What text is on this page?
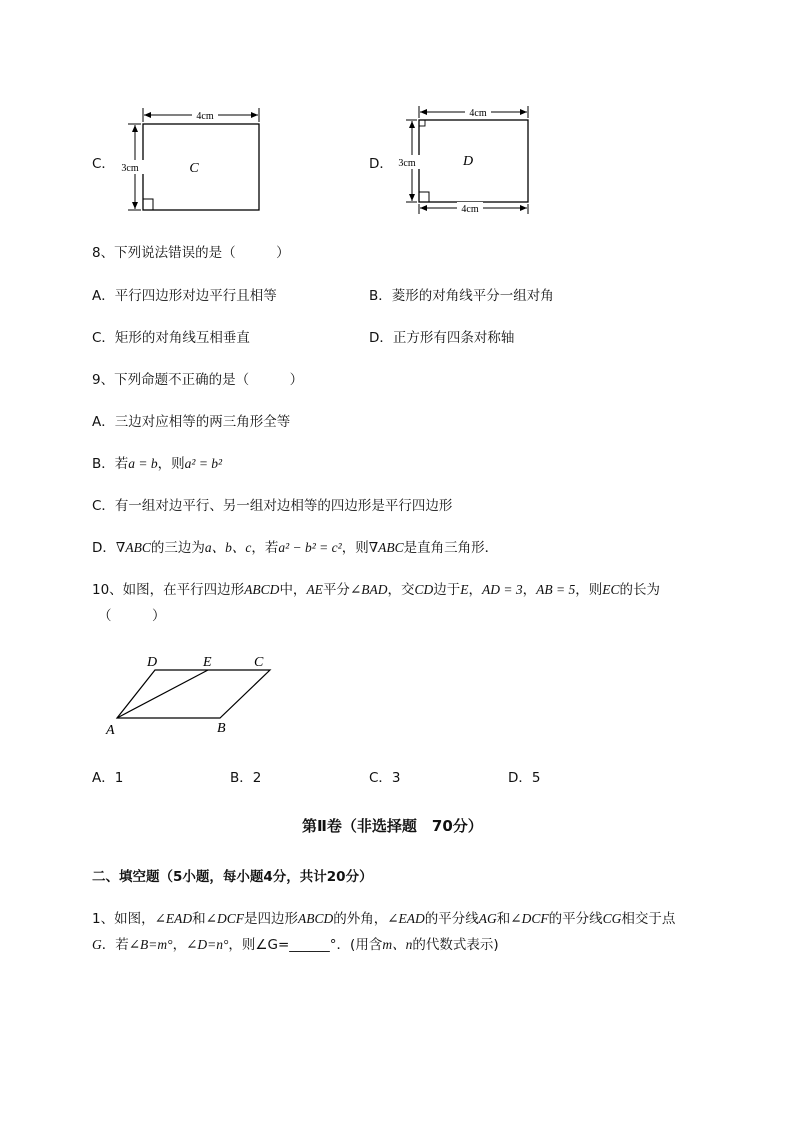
C．
4cm
3cm	C	D．
4cm
4cm
3cm	D
8、下列说法错误的是（　　　）
A．平行四边形对边平行且相等	B．菱形的对角线平分一组对角
C．矩形的对角线互相垂直	D．正方形有四条对称轴
9、下列命题不正确的是（　　　）
A．三边对应相等的两三角形全等
B．若a = b，则a² = b²
C．有一组对边平行、另一组对边相等的四边形是平行四边形
D．∇ABC的三边为a、b、c，若a² − b² = c²，则∇ABC是直角三角形．
10、如图，在平行四边形ABCD中，AE平分∠BAD，交CD边于E，AD = 3，AB = 5，则EC的长为
（　　　）
D	E	C
A	B
A．1	B．2	C．3	D．5
第Ⅱ卷（非选择题　70分）
二、填空题（5小题，每小题4分，共计20分）
1、如图，∠EAD和∠DCF是四边形ABCD的外角，∠EAD的平分线AG和∠DCF的平分线CG相交于点
G．若∠B=m°，∠D=n°，则∠G=______°．(用含m、n的代数式表示)
